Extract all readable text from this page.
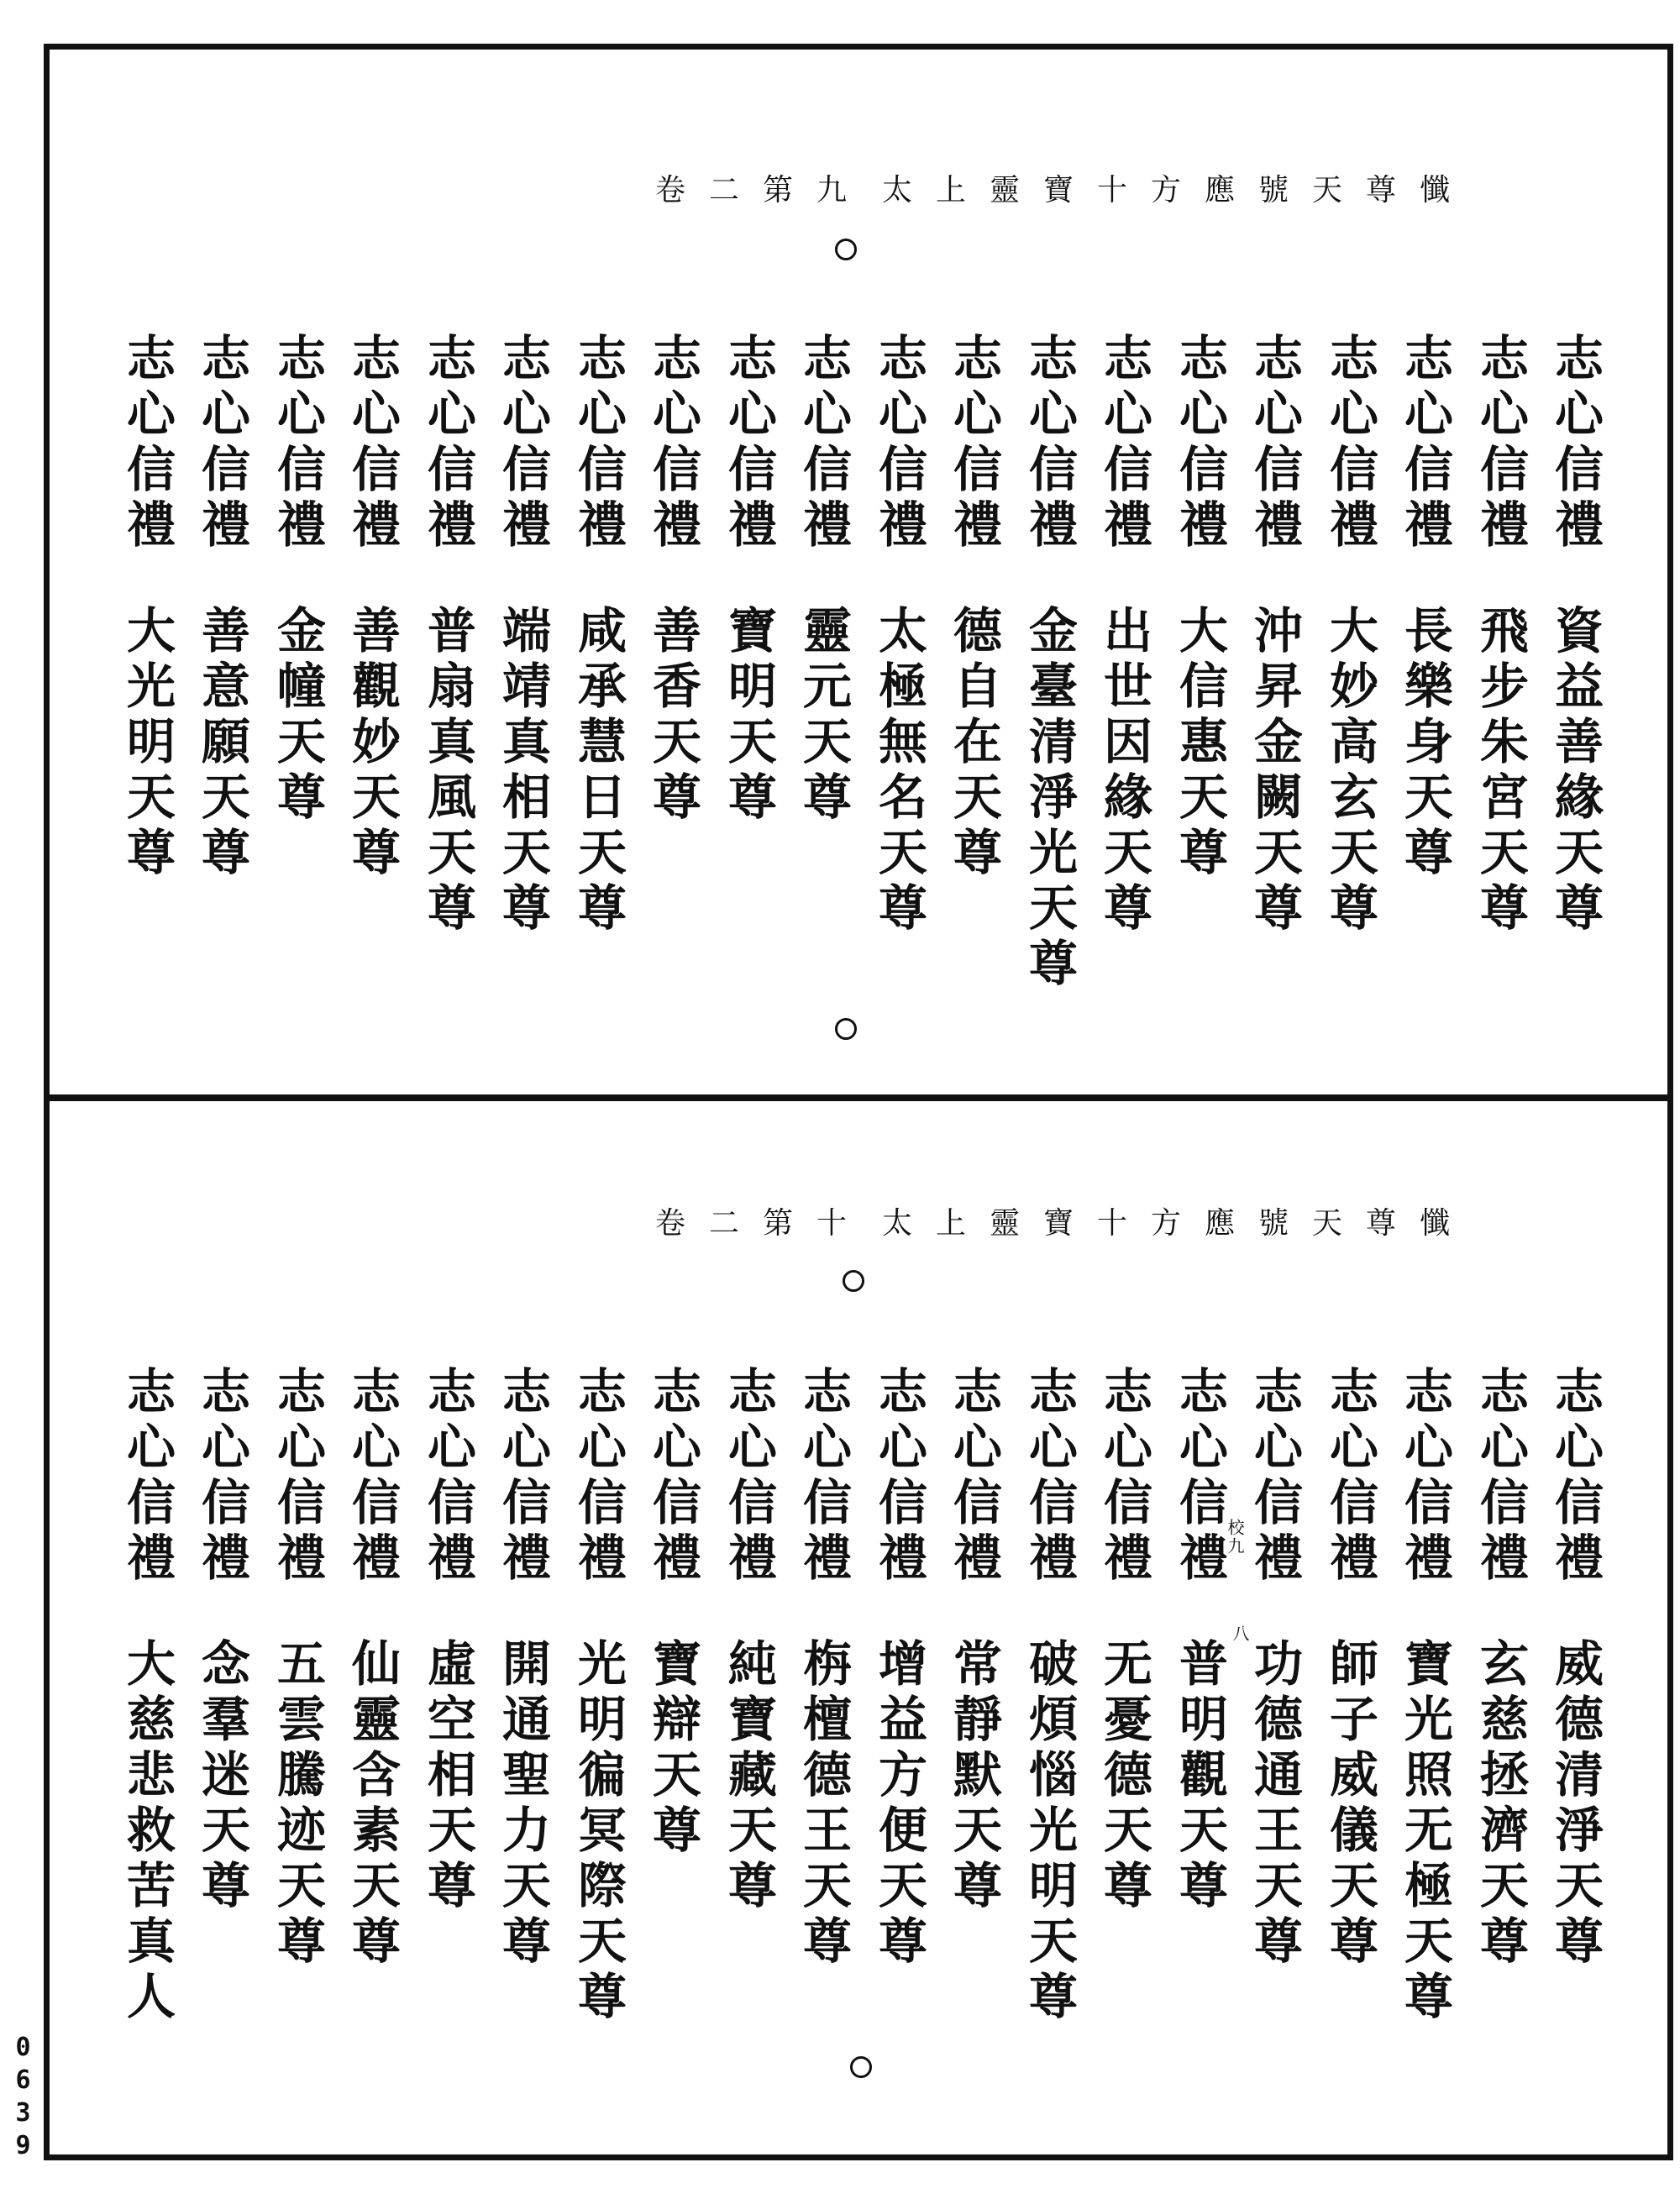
太上靈寶十方應號天尊懺
卷二第九
志心信禮
資益善緣天尊
志心信禮
飛步朱宮天尊
志心信禮
長樂身天尊
志心信禮
大妙高玄天尊
志心信禮
沖昇金闕天尊
志心信禮
大信惠天尊
志心信禮
出世因緣天尊
志心信禮
金臺清淨光天尊
志心信禮
德自在天尊
志心信禮
太極無名天尊
志心信禮
靈元天尊
志心信禮
寶明天尊
志心信禮
善香天尊
志心信禮
咸承慧日天尊
志心信禮
端靖真相天尊
志心信禮
普扇真風天尊
志心信禮
善觀妙天尊
志心信禮
金幢天尊
志心信禮
善意願天尊
志心信禮
大光明天尊
太上靈寶十方應號天尊懺
卷二第十
志心信禮
威德清淨天尊
志心信禮
玄慈拯濟天尊
志心信禮
寶光照无極天尊
志心信禮
師子威儀天尊
志心信禮
功德通王天尊
志心信禮
普明觀天尊
志心信禮
无憂德天尊
志心信禮
破煩惱光明天尊
志心信禮
常靜默天尊
志心信禮
增益方便天尊
志心信禮
栴檀德王天尊
志心信禮
純寶藏天尊
志心信禮
寶辯天尊
志心信禮
光明徧冥際天尊
志心信禮
開通聖力天尊
志心信禮
虛空相天尊
志心信禮
仙靈含素天尊
志心信禮
五雲騰迹天尊
志心信禮
念羣迷天尊
志心信禮
大慈悲救苦真人
校九
八
0639
